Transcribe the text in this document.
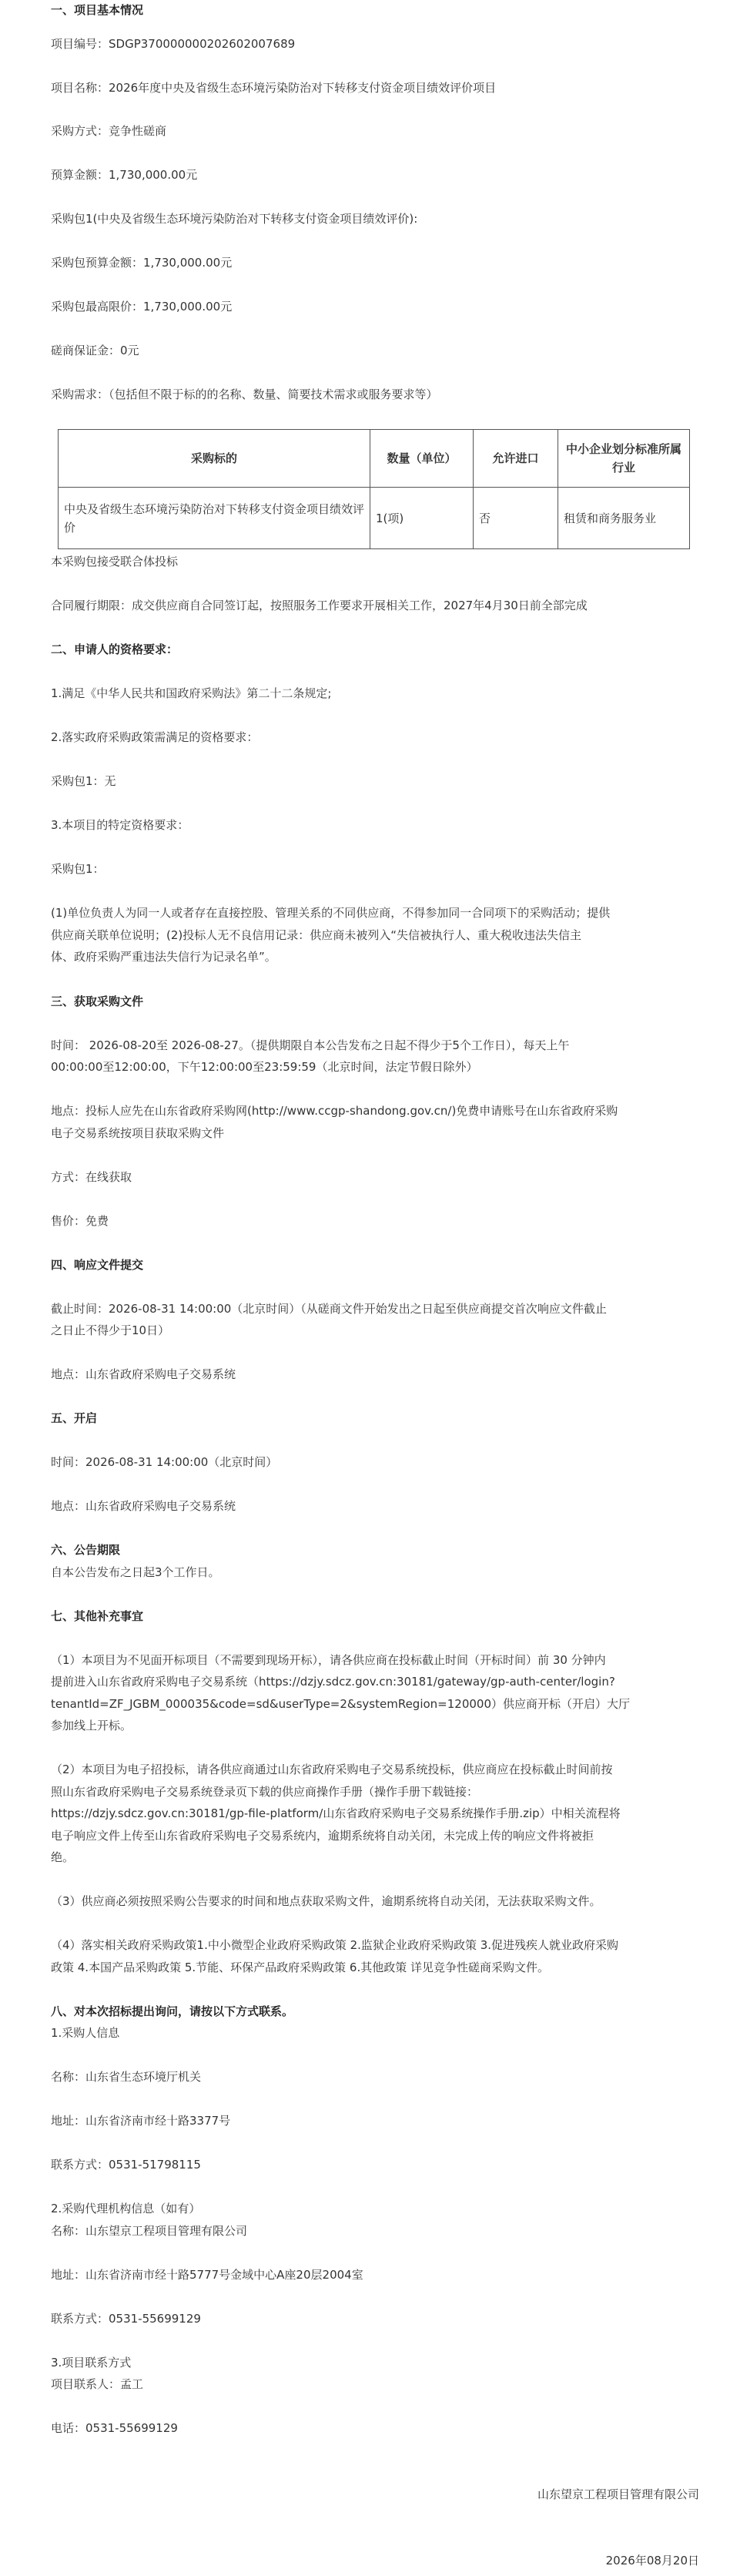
一、项目基本情况
项目编号：SDGP370000000202602007689
项目名称：2026年度中央及省级生态环境污染防治对下转移支付资金项目绩效评价项目
采购方式：竞争性磋商
预算金额：1,730,000.00元
采购包1(中央及省级生态环境污染防治对下转移支付资金项目绩效评价):
采购包预算金额：1,730,000.00元
采购包最高限价：1,730,000.00元
磋商保证金：0元
采购需求：（包括但不限于标的的名称、数量、简要技术需求或服务要求等）
采购标的	数量（单位）	允许进口	中小企业划分标准所属行业
中央及省级生态环境污染防治对下转移支付资金项目绩效评价	1(项)	否	租赁和商务服务业
本采购包接受联合体投标
合同履行期限：成交供应商自合同签订起，按照服务工作要求开展相关工作，2027年4月30日前全部完成
二、申请人的资格要求：
1.满足《中华人民共和国政府采购法》第二十二条规定;
2.落实政府采购政策需满足的资格要求：
采购包1：无
3.本项目的特定资格要求：
采购包1：
(1)单位负责人为同一人或者存在直接控股、管理关系的不同供应商，不得参加同一合同项下的采购活动；提供
供应商关联单位说明；(2)投标人无不良信用记录：供应商未被列入“失信被执行人、重大税收违法失信主
体、政府采购严重违法失信行为记录名单”。
三、获取采购文件
时间： 2026-08-20至 2026-08-27。（提供期限自本公告发布之日起不得少于5个工作日），每天上午
00:00:00至12:00:00，下午12:00:00至23:59:59（北京时间，法定节假日除外）
地点：投标人应先在山东省政府采购网(http://www.ccgp-shandong.gov.cn/)免费申请账号在山东省政府采购
电子交易系统按项目获取采购文件
方式：在线获取
售价：免费
四、响应文件提交
截止时间：2026-08-31 14:00:00（北京时间）（从磋商文件开始发出之日起至供应商提交首次响应文件截止
之日止不得少于10日）
地点：山东省政府采购电子交易系统
五、开启
时间：2026-08-31 14:00:00（北京时间）
地点：山东省政府采购电子交易系统
六、公告期限
自本公告发布之日起3个工作日。
七、其他补充事宜
（1）本项目为不见面开标项目（不需要到现场开标），请各供应商在投标截止时间（开标时间）前 30 分钟内
提前进入山东省政府采购电子交易系统（https://dzjy.sdcz.gov.cn:30181/gateway/gp-auth-center/login?
tenantId=ZF_JGBM_000035&code=sd&userType=2&systemRegion=120000）供应商开标（开启）大厅
参加线上开标。
（2）本项目为电子招投标，请各供应商通过山东省政府采购电子交易系统投标，供应商应在投标截止时间前按
照山东省政府采购电子交易系统登录页下载的供应商操作手册（操作手册下载链接：
https://dzjy.sdcz.gov.cn:30181/gp-file-platform/山东省政府采购电子交易系统操作手册.zip）中相关流程将
电子响应文件上传至山东省政府采购电子交易系统内，逾期系统将自动关闭，未完成上传的响应文件将被拒
绝。
（3）供应商必须按照采购公告要求的时间和地点获取采购文件，逾期系统将自动关闭，无法获取采购文件。
（4）落实相关政府采购政策1.中小微型企业政府采购政策 2.监狱企业政府采购政策 3.促进残疾人就业政府采购
政策 4.本国产品采购政策 5.节能、环保产品政府采购政策 6.其他政策 详见竞争性磋商采购文件。
八、对本次招标提出询问，请按以下方式联系。
1.采购人信息
名称：山东省生态环境厅机关
地址：山东省济南市经十路3377号
联系方式：0531-51798115
2.采购代理机构信息（如有）
名称：山东望京工程项目管理有限公司
地址：山东省济南市经十路5777号金域中心A座20层2004室
联系方式：0531-55699129
3.项目联系方式
项目联系人：孟工
电话：0531-55699129
山东望京工程项目管理有限公司
2026年08月20日
